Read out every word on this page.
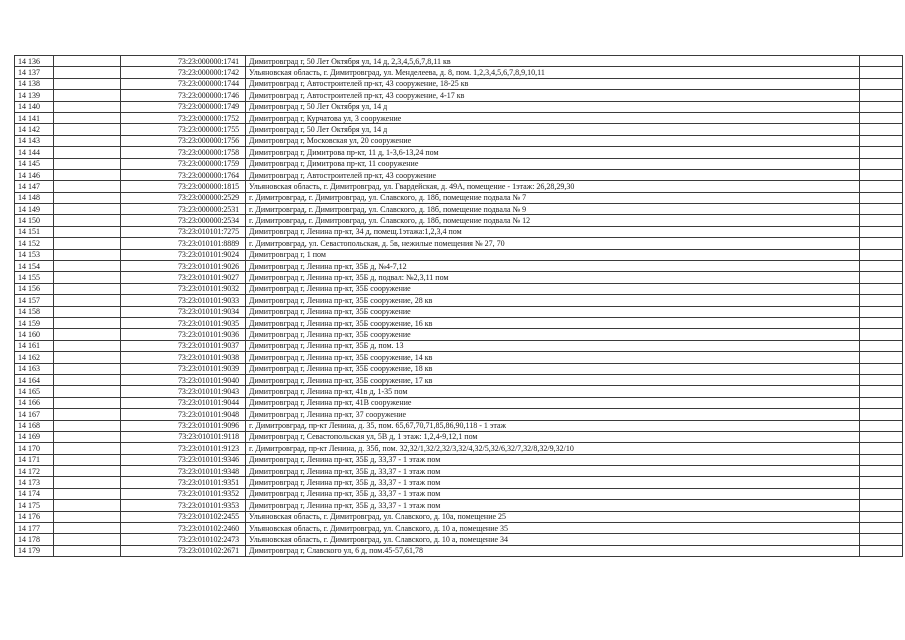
14 136		73:23:000000:1741	Димитровград г, 50 Лет Октября ул, 14 д, 2,3,4,5,6,7,8,11 кв	
14 137		73:23:000000:1742	Ульяновская область, г. Димитровград, ул. Менделеева, д. 8, пом. 1,2,3,4,5,6,7,8,9,10,11	
14 138		73:23:000000:1744	Димитровград г, Автостроителей пр-кт, 43 сооружение, 18-25 кв	
14 139		73:23:000000:1746	Димитровград г, Автостроителей пр-кт, 43 сооружение, 4-17 кв	
14 140		73:23:000000:1749	Димитровград г, 50 Лет Октября ул, 14 д	
14 141		73:23:000000:1752	Димитровград г, Курчатова ул, 3 сооружение	
14 142		73:23:000000:1755	Димитровград г, 50 Лет Октября ул, 14 д	
14 143		73:23:000000:1756	Димитровград г, Московская ул, 20 сооружение	
14 144		73:23:000000:1758	Димитровград г, Димитрова пр-кт, 11 д, 1-3,6-13,24 пом	
14 145		73:23:000000:1759	Димитровград г, Димитрова пр-кт, 11 сооружение	
14 146		73:23:000000:1764	Димитровград г, Автостроителей пр-кт, 43 сооружение	
14 147		73:23:000000:1815	Ульяновская область, г. Димитровград, ул. Гвардейская, д. 49А, помещение - 1этаж: 26,28,29,30	
14 148		73:23:000000:2529	г. Димитровград, г. Димитровград, ул. Славского, д. 18б, помещение подвала № 7	
14 149		73:23:000000:2531	г. Димитровград, г. Димитровград, ул. Славского, д. 18б, помещение подвала № 9	
14 150		73:23:000000:2534	г. Димитровград, г. Димитровград, ул. Славского, д. 18б, помещение подвала № 12	
14 151		73:23:010101:7275	Димитровград г, Ленина пр-кт, 34 д, помещ.1этажа:1,2,3,4 пом	
14 152		73:23:010101:8889	г. Димитровград, ул. Севастопольская, д. 5в, нежилые помещения № 27, 70	
14 153		73:23:010101:9024	Димитровград г, 1 пом	
14 154		73:23:010101:9026	Димитровград г, Ленина пр-кт, 35Б д, №4-7,12	
14 155		73:23:010101:9027	Димитровград г, Ленина пр-кт, 35Б д, подвал: №2,3,11 пом	
14 156		73:23:010101:9032	Димитровград г, Ленина пр-кт, 35Б сооружение	
14 157		73:23:010101:9033	Димитровград г, Ленина пр-кт, 35Б сооружение, 28 кв	
14 158		73:23:010101:9034	Димитровград г, Ленина пр-кт, 35Б сооружение	
14 159		73:23:010101:9035	Димитровград г, Ленина пр-кт, 35Б сооружение, 16 кв	
14 160		73:23:010101:9036	Димитровград г, Ленина пр-кт, 35Б сооружение	
14 161		73:23:010101:9037	Димитровград г, Ленина пр-кт, 35Б д, пом. 13	
14 162		73:23:010101:9038	Димитровград г, Ленина пр-кт, 35Б сооружение, 14 кв	
14 163		73:23:010101:9039	Димитровград г, Ленина пр-кт, 35Б сооружение, 18 кв	
14 164		73:23:010101:9040	Димитровград г, Ленина пр-кт, 35Б сооружение, 17 кв	
14 165		73:23:010101:9043	Димитровград г, Ленина пр-кт, 41в д, 1-35 пом	
14 166		73:23:010101:9044	Димитровград г, Ленина пр-кт, 41В сооружение	
14 167		73:23:010101:9048	Димитровград г, Ленина пр-кт, 37 сооружение	
14 168		73:23:010101:9096	г. Димитровград, пр-кт Ленина, д. 35, пом. 65,67,70,71,85,86,90,118 - 1 этаж	
14 169		73:23:010101:9118	Димитровград г, Севастопольская ул, 5В д, 1 этаж: 1,2,4-9,12,1 пом	
14 170		73:23:010101:9123	г. Димитровград, пр-кт Ленина, д. 35б, пом. 32,32/1,32/2,32/3,32/4,32/5,32/6,32/7,32/8,32/9,32/10	
14 171		73:23:010101:9346	Димитровград г, Ленина пр-кт, 35Б д, 33,37 - 1 этаж пом	
14 172		73:23:010101:9348	Димитровград г, Ленина пр-кт, 35Б д, 33,37 - 1 этаж пом	
14 173		73:23:010101:9351	Димитровград г, Ленина пр-кт, 35Б д, 33,37 - 1 этаж пом	
14 174		73:23:010101:9352	Димитровград г, Ленина пр-кт, 35Б д, 33,37 - 1 этаж пом	
14 175		73:23:010101:9353	Димитровград г, Ленина пр-кт, 35Б д, 33,37 - 1 этаж пом	
14 176		73:23:010102:2455	Ульяновская область, г. Димитровград, ул. Славского, д. 10а, помещение 25	
14 177		73:23:010102:2460	Ульяновская область, г. Димитровград, ул. Славского, д. 10 а, помещение 35	
14 178		73:23:010102:2473	Ульяновская область, г. Димитровград, ул. Славского, д. 10 а, помещение 34	
14 179		73:23:010102:2671	Димитровград г, Славского ул, 6 д, пом.45-57,61,78	
